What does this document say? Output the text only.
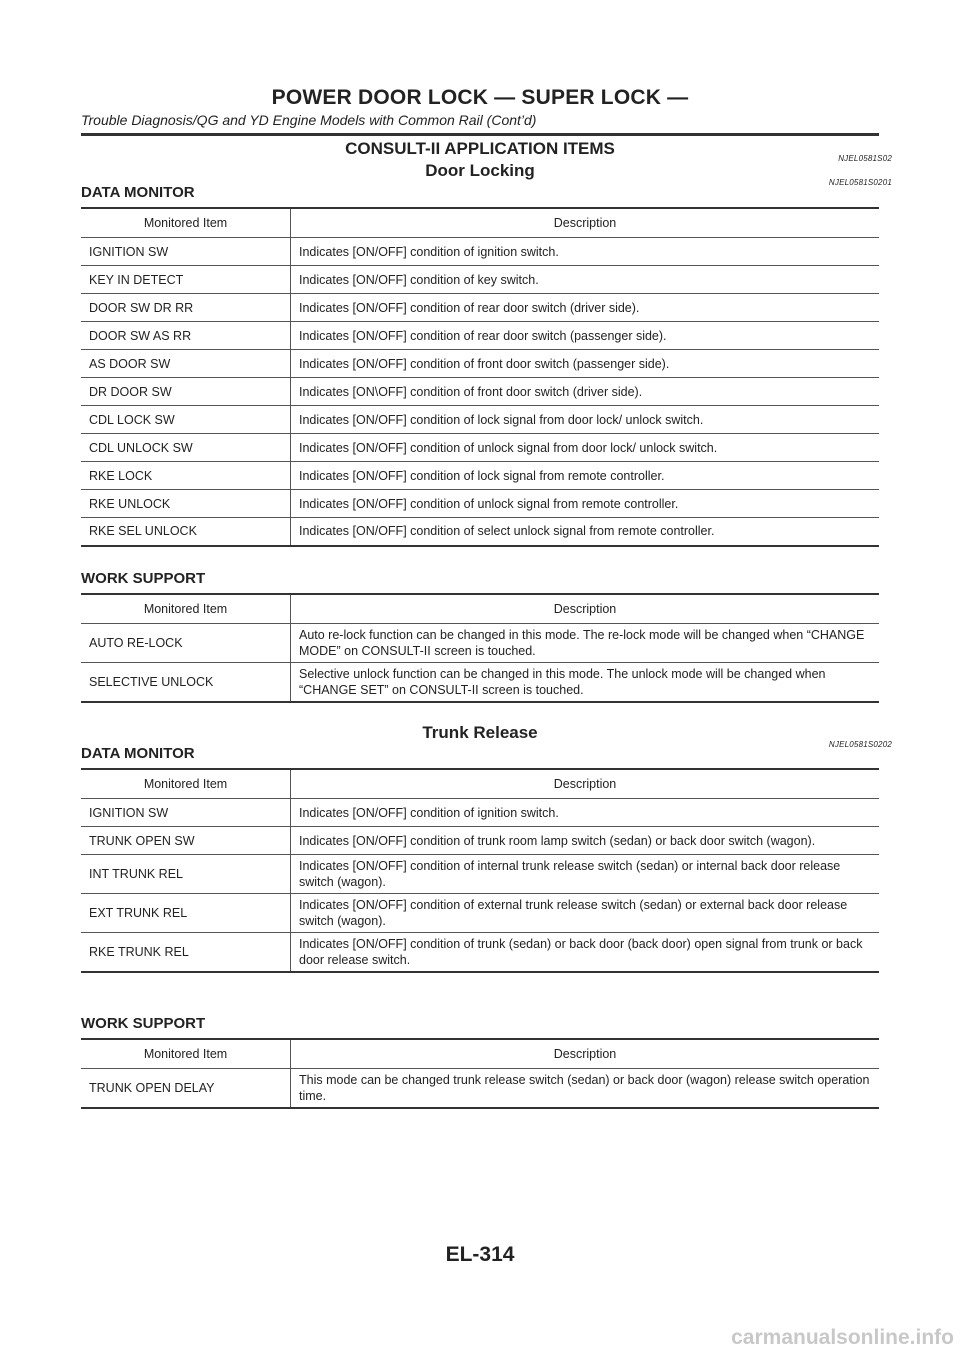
POWER DOOR LOCK — SUPER LOCK —
Trouble Diagnosis/QG and YD Engine Models with Common Rail (Cont’d)
CONSULT-II APPLICATION ITEMS
NJEL0581S02
Door Locking
NJEL0581S0201
DATA MONITOR
Monitored Item	Description
IGNITION SW	Indicates [ON/OFF] condition of ignition switch.
KEY IN DETECT	Indicates [ON/OFF] condition of key switch.
DOOR SW DR RR	Indicates [ON/OFF] condition of rear door switch (driver side).
DOOR SW AS RR	Indicates [ON/OFF] condition of rear door switch (passenger side).
AS DOOR SW	Indicates [ON/OFF] condition of front door switch (passenger side).
DR DOOR SW	Indicates [ON\OFF] condition of front door switch (driver side).
CDL LOCK SW	Indicates [ON/OFF] condition of lock signal from door lock/ unlock switch.
CDL UNLOCK SW	Indicates [ON/OFF] condition of unlock signal from door lock/ unlock switch.
RKE LOCK	Indicates [ON/OFF] condition of lock signal from remote controller.
RKE UNLOCK	Indicates [ON/OFF] condition of unlock signal from remote controller.
RKE SEL UNLOCK	Indicates [ON/OFF] condition of select unlock signal from remote controller.
WORK SUPPORT
Monitored Item	Description
AUTO RE-LOCK	Auto re-lock function can be changed in this mode. The re-lock mode will be changed when “CHANGE MODE” on CONSULT-II screen is touched.
SELECTIVE UNLOCK	Selective unlock function can be changed in this mode. The unlock mode will be changed when “CHANGE SET” on CONSULT-II screen is touched.
Trunk Release
NJEL0581S0202
DATA MONITOR
Monitored Item	Description
IGNITION SW	Indicates [ON/OFF] condition of ignition switch.
TRUNK OPEN SW	Indicates [ON/OFF] condition of trunk room lamp switch (sedan) or back door switch (wagon).
INT TRUNK REL	Indicates [ON/OFF] condition of internal trunk release switch (sedan) or internal back door release switch (wagon).
EXT TRUNK REL	Indicates [ON/OFF] condition of external trunk release switch (sedan) or external back door release switch (wagon).
RKE TRUNK REL	Indicates [ON/OFF] condition of trunk (sedan) or back door (back door) open signal from trunk or back door release switch.
WORK SUPPORT
Monitored Item	Description
TRUNK OPEN DELAY	This mode can be changed trunk release switch (sedan) or back door (wagon) release switch operation time.
EL-314
carmanualsonline.info
